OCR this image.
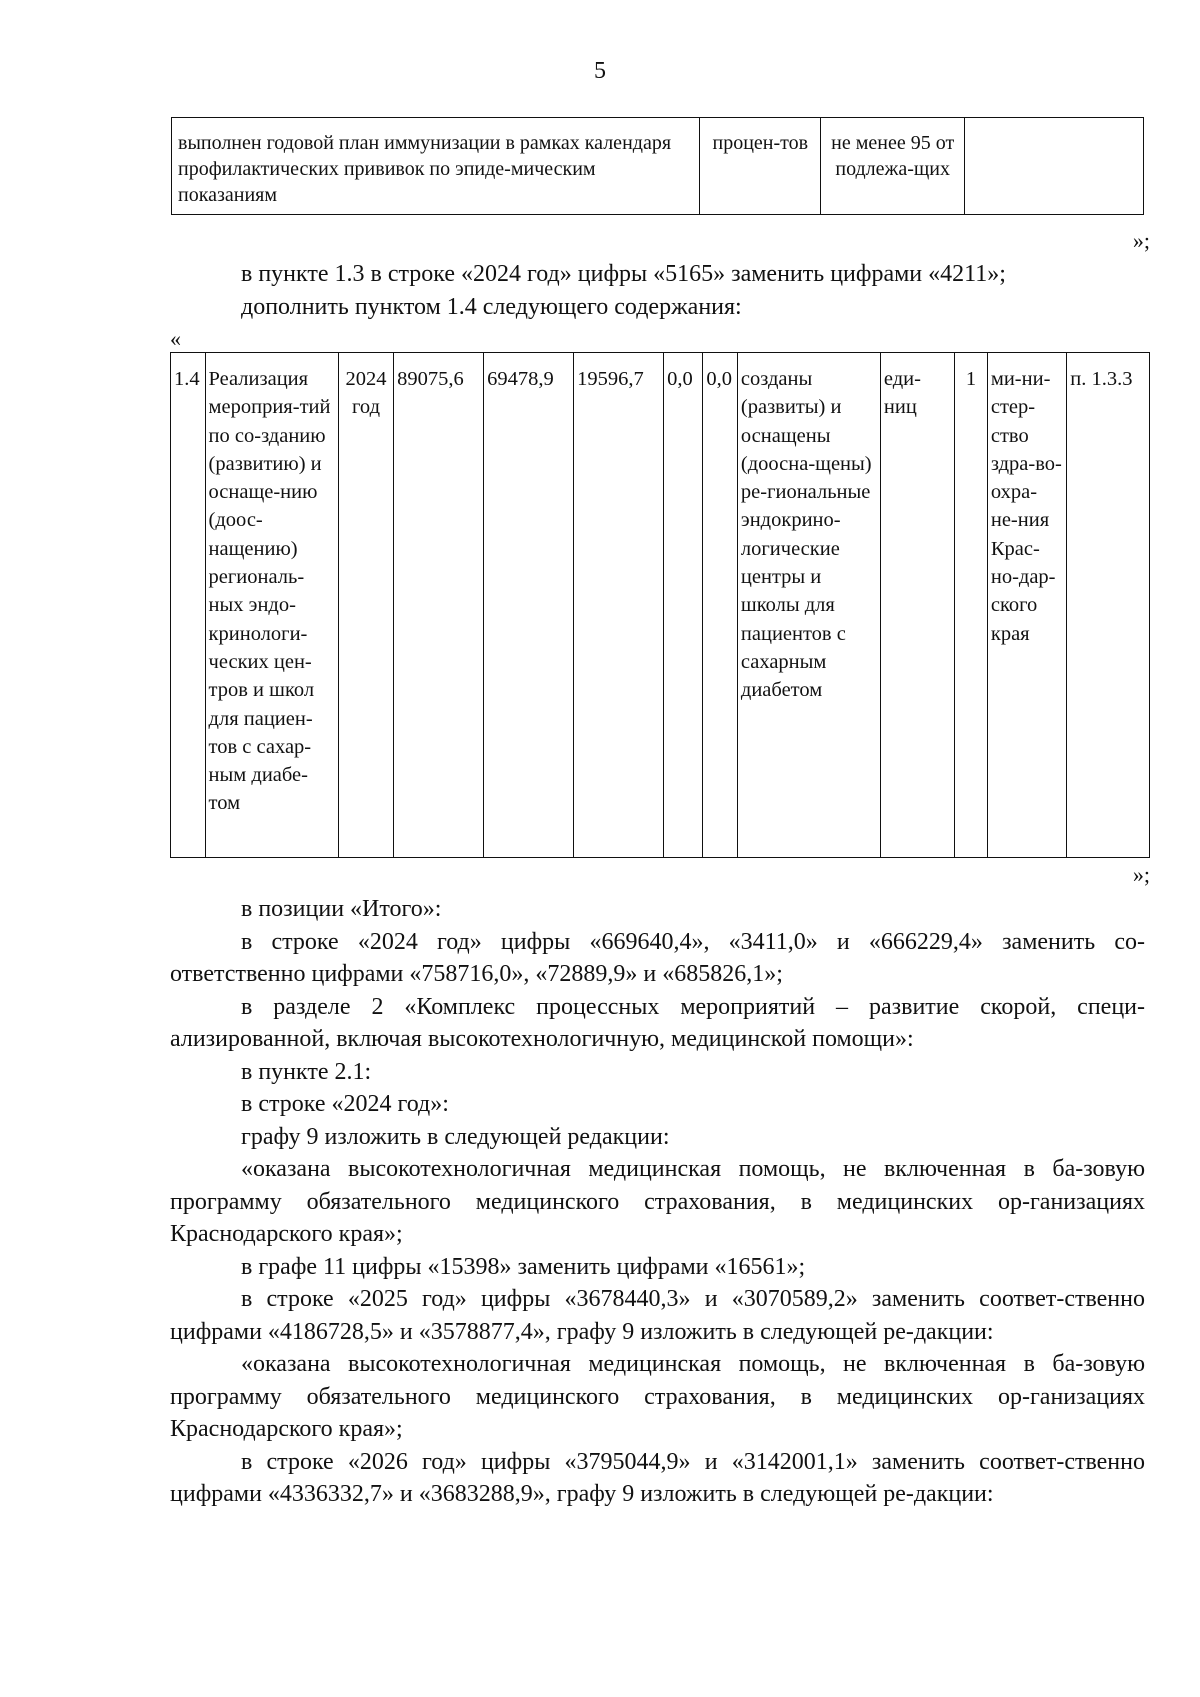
5
выполнен годовой план иммунизации в рамках календаря профилактических прививок по эпиде-мическим показаниям	процен-тов	не менее 95 от подлежа-щих	
»;

в пункте 1.3 в строке «2024 год» цифры «5165» заменить цифрами «4211»;

дополнить пунктом 1.4 следующего содержания:

«
1.4	Реализация мероприя-тий по со-зданию (развитию) и оснаще-нию (доос-нащению) региональ-ных эндо-кринологи-ческих цен-тров и школ для пациен-тов с сахар-ным диабе-том	2024 год	89075,6	69478,9	19596,7	0,0	0,0	созданы (развиты) и оснащены (доосна-щены) ре-гиональные эндокрино-логические центры и школы для пациентов с сахарным диабетом	еди-ниц	1	ми-ни-стер-ство здра-во-охра-не-ния Крас-но-дар-ского края	п. 1.3.3
»;

в позиции «Итого»:

в строке «2024 год» цифры «669640,4», «3411,0» и «666229,4» заменить со-ответственно цифрами «758716,0», «72889,9» и «685826,1»;

в разделе 2 «Комплекс процессных мероприятий – развитие скорой, специ-ализированной, включая высокотехнологичную, медицинской помощи»:

в пункте 2.1:

в строке «2024 год»:

графу 9 изложить в следующей редакции:

«оказана высокотехнологичная медицинская помощь, не включенная в ба-зовую программу обязательного медицинского страхования, в медицинских ор-ганизациях Краснодарского края»;

в графе 11 цифры «15398» заменить цифрами «16561»;

в строке «2025 год» цифры «3678440,3» и «3070589,2» заменить соответ-ственно цифрами «4186728,5» и «3578877,4», графу 9 изложить в следующей ре-дакции:

«оказана высокотехнологичная медицинская помощь, не включенная в ба-зовую программу обязательного медицинского страхования, в медицинских ор-ганизациях Краснодарского края»;

в строке «2026 год» цифры «3795044,9» и «3142001,1» заменить соответ-ственно цифрами «4336332,7» и «3683288,9», графу 9 изложить в следующей ре-дакции:
